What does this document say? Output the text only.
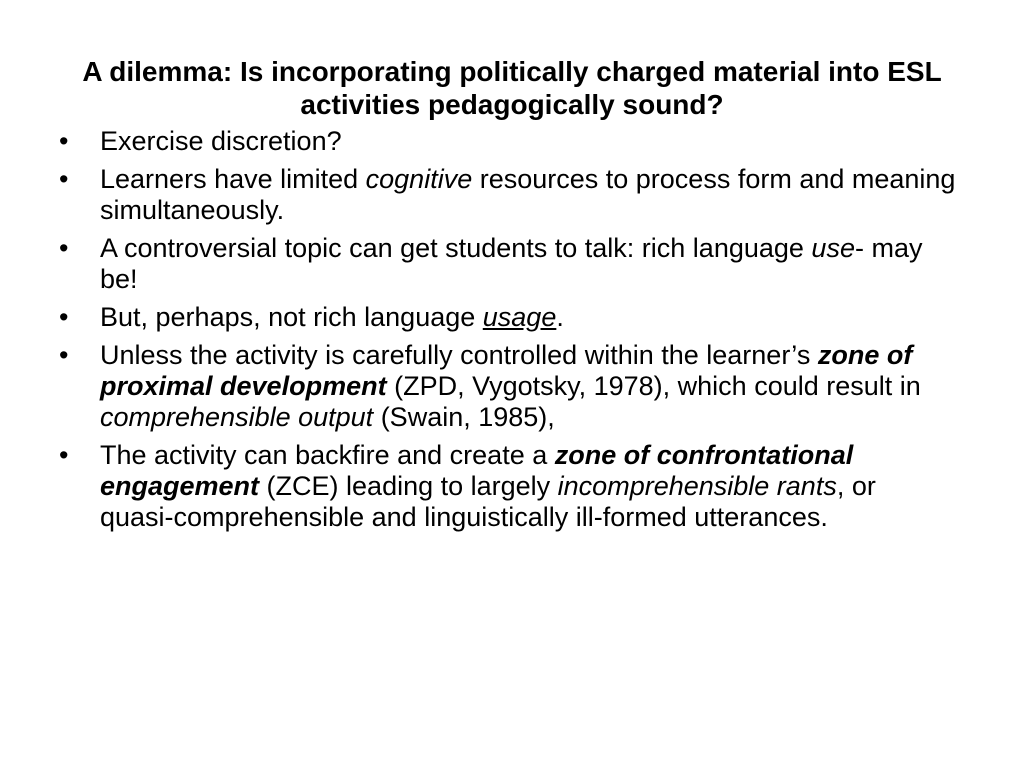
A dilemma: Is incorporating politically charged material into ESL activities pedagogically sound?
• Exercise discretion?
• Learners have limited cognitive resources to process form and meaning simultaneously.
• A controversial topic can get students to talk: rich language use- may be!
• But, perhaps, not rich language usage.
• Unless the activity is carefully controlled within the learner’s zone of proximal development (ZPD, Vygotsky, 1978), which could result in comprehensible output (Swain, 1985),
• The activity can backfire and create a zone of confrontational engagement (ZCE) leading to largely incomprehensible rants, or quasi-comprehensible and linguistically ill-formed utterances.
